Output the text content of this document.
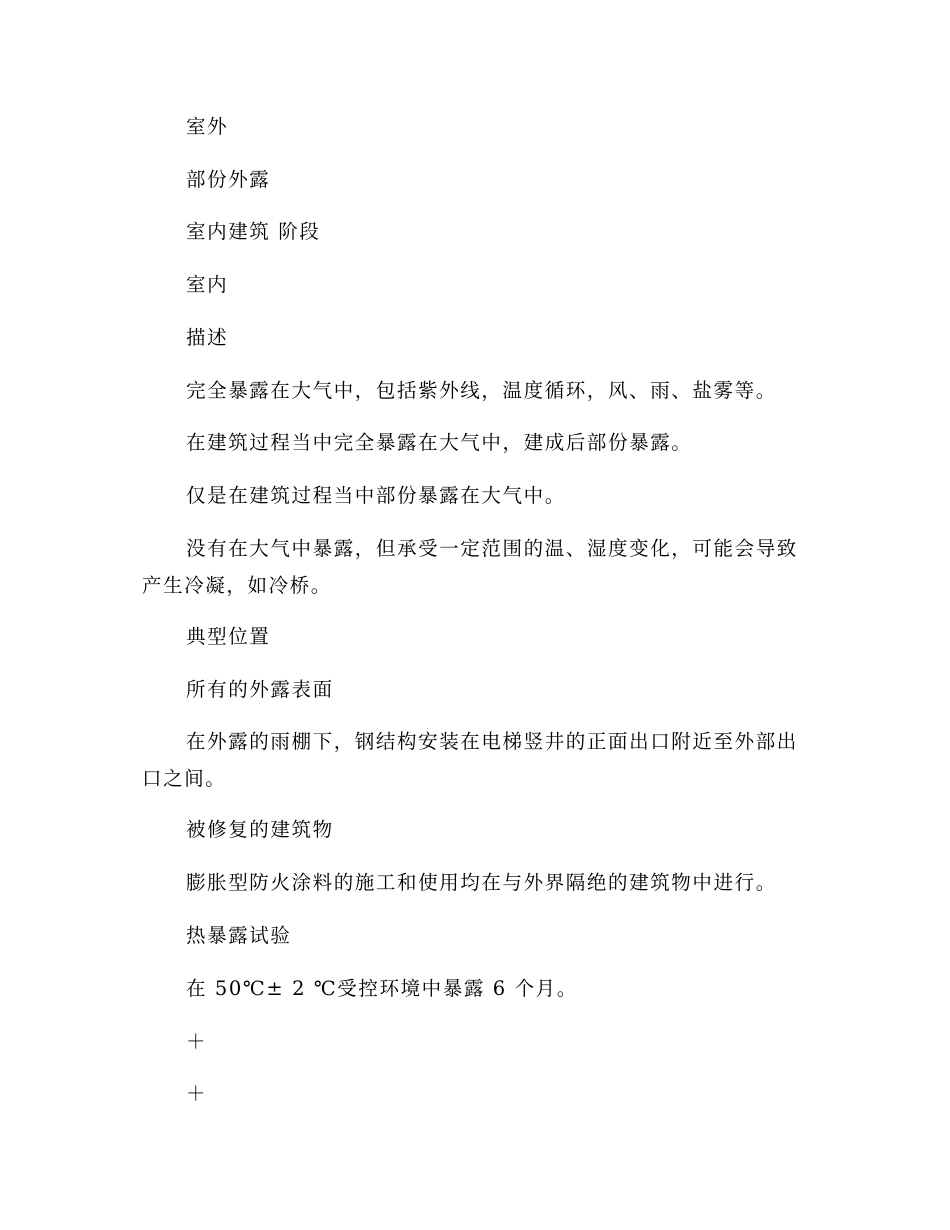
室外

部份外露

室内建筑 阶段

室内

描述

完全暴露在大气中，包括紫外线，温度循环，风、雨、盐雾等。

在建筑过程当中完全暴露在大气中，建成后部份暴露。

仅是在建筑过程当中部份暴露在大气中。

没有在大气中暴露，但承受一定范围的温、湿度变化，可能会导致产生冷凝，如冷桥。

典型位置

所有的外露表面

在外露的雨棚下，钢结构安装在电梯竖井的正面出口附近至外部出口之间。

被修复的建筑物

膨胀型防火涂料的施工和使用均在与外界隔绝的建筑物中进行。

热暴露试验

在 50℃± 2 ℃受控环境中暴露 6 个月。

＋

＋
